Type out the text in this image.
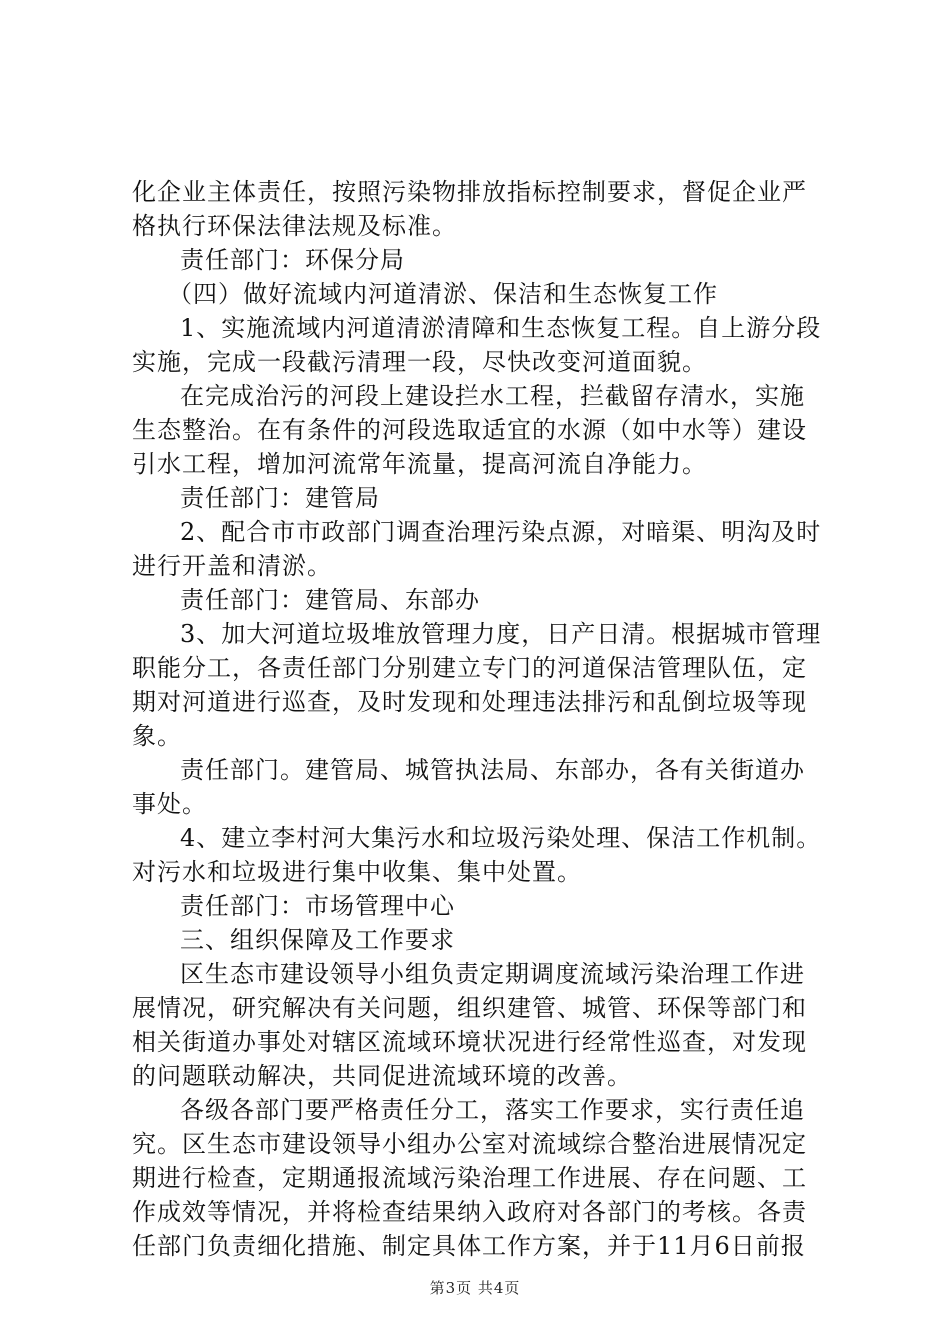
化企业主体责任，按照污染物排放指标控制要求，督促企业严
格执行环保法律法规及标准。
责任部门：环保分局
（四）做好流域内河道清淤、保洁和生态恢复工作
1、实施流域内河道清淤清障和生态恢复工程。自上游分段
实施，完成一段截污清理一段，尽快改变河道面貌。
在完成治污的河段上建设拦水工程，拦截留存清水，实施
生态整治。在有条件的河段选取适宜的水源（如中水等）建设
引水工程，增加河流常年流量，提高河流自净能力。
责任部门：建管局
2、配合市市政部门调查治理污染点源，对暗渠、明沟及时
进行开盖和清淤。
责任部门：建管局、东部办
3、加大河道垃圾堆放管理力度，日产日清。根据城市管理
职能分工，各责任部门分别建立专门的河道保洁管理队伍，定
期对河道进行巡查，及时发现和处理违法排污和乱倒垃圾等现
象。
责任部门。建管局、城管执法局、东部办，各有关街道办
事处。
4、建立李村河大集污水和垃圾污染处理、保洁工作机制。
对污水和垃圾进行集中收集、集中处置。
责任部门：市场管理中心
三、组织保障及工作要求
区生态市建设领导小组负责定期调度流域污染治理工作进
展情况，研究解决有关问题，组织建管、城管、环保等部门和
相关街道办事处对辖区流域环境状况进行经常性巡查，对发现
的问题联动解决，共同促进流域环境的改善。
各级各部门要严格责任分工，落实工作要求，实行责任追
究。区生态市建设领导小组办公室对流域综合整治进展情况定
期进行检查，定期通报流域污染治理工作进展、存在问题、工
作成效等情况，并将检查结果纳入政府对各部门的考核。各责
任部门负责细化措施、制定具体工作方案，并于11月6日前报
第3页 共4页
